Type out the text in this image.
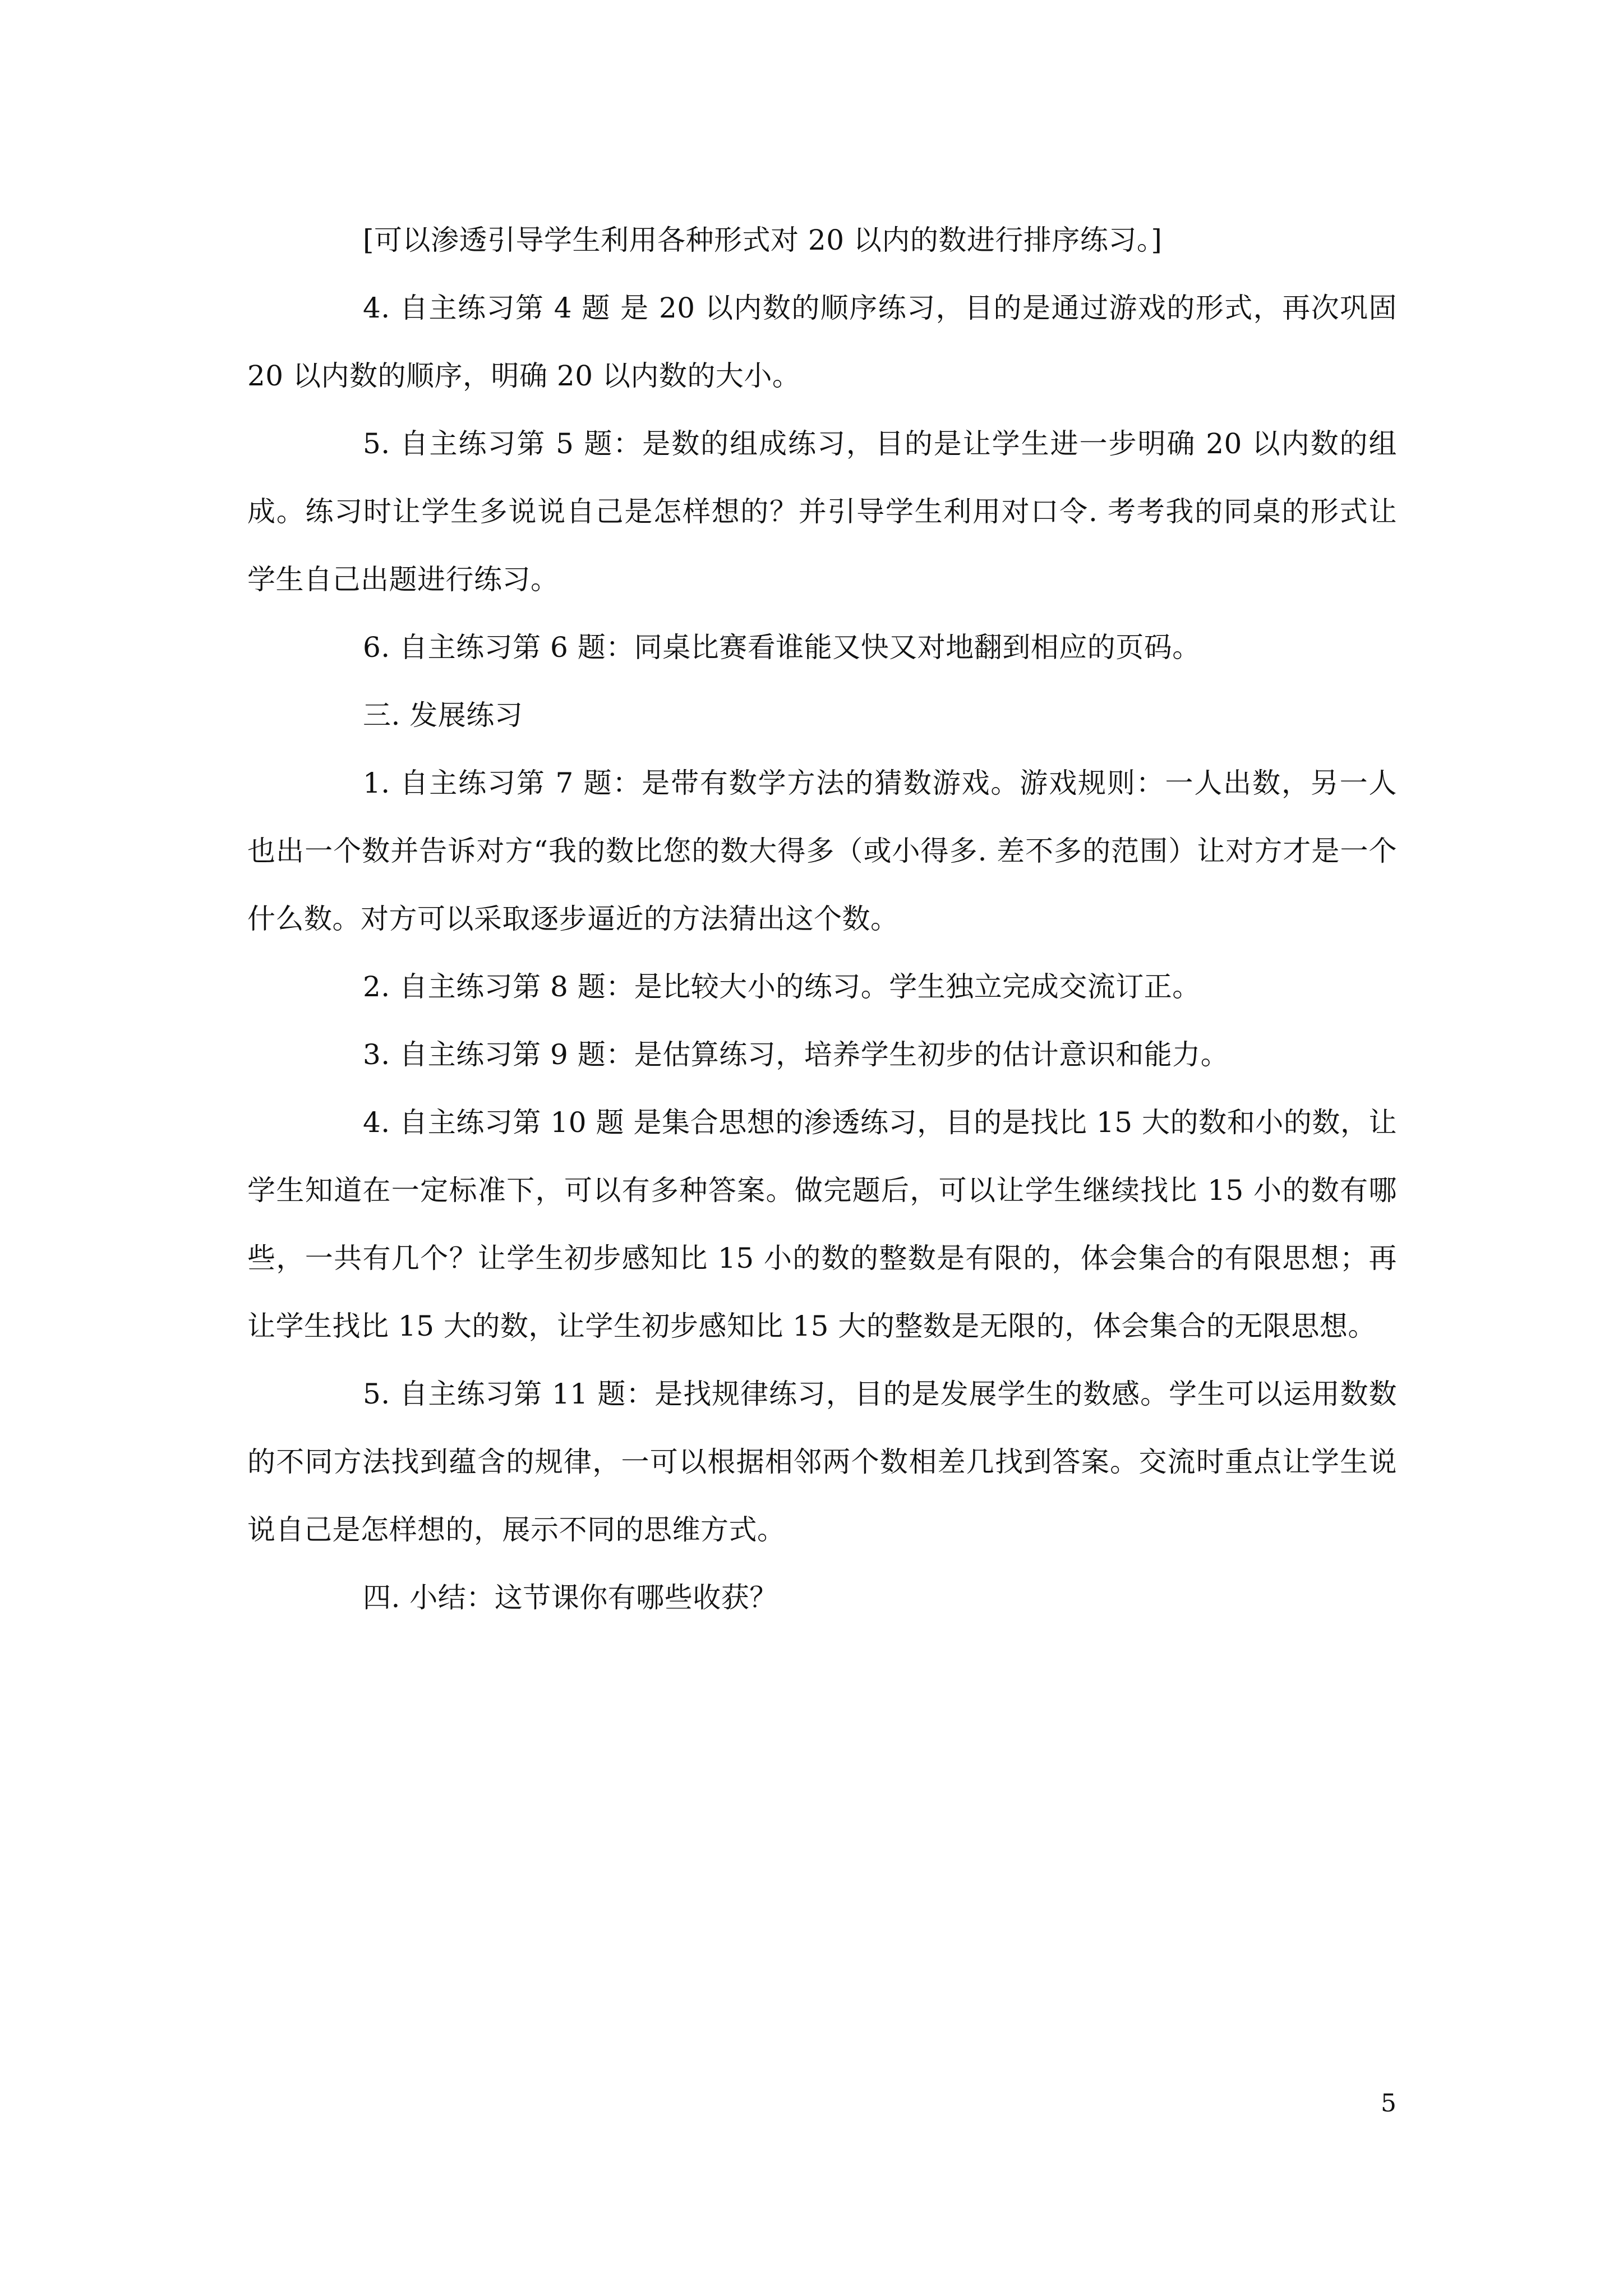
[可以渗透引导学生利用各种形式对 20 以内的数进行排序练习。]

4. 自主练习第 4 题 是 20 以内数的顺序练习，目的是通过游戏的形式，再次巩固 20 以内数的顺序，明确 20 以内数的大小。

5. 自主练习第 5 题：是数的组成练习，目的是让学生进一步明确 20 以内数的组成。练习时让学生多说说自己是怎样想的？并引导学生利用对口令. 考考我的同桌的形式让学生自己出题进行练习。

6. 自主练习第 6 题：同桌比赛看谁能又快又对地翻到相应的页码。

三. 发展练习

1. 自主练习第 7 题：是带有数学方法的猜数游戏。游戏规则：一人出数，另一人也出一个数并告诉对方“我的数比您的数大得多（或小得多. 差不多的范围）让对方才是一个什么数。对方可以采取逐步逼近的方法猜出这个数。

2. 自主练习第 8 题：是比较大小的练习。学生独立完成交流订正。

3. 自主练习第 9 题：是估算练习，培养学生初步的估计意识和能力。

4. 自主练习第 10 题 是集合思想的渗透练习，目的是找比 15 大的数和小的数，让学生知道在一定标准下，可以有多种答案。做完题后，可以让学生继续找比 15 小的数有哪些，一共有几个？让学生初步感知比 15 小的数的整数是有限的，体会集合的有限思想；再让学生找比 15 大的数，让学生初步感知比 15 大的整数是无限的，体会集合的无限思想。

5. 自主练习第 11 题：是找规律练习，目的是发展学生的数感。学生可以运用数数的不同方法找到蕴含的规律，一可以根据相邻两个数相差几找到答案。交流时重点让学生说说自己是怎样想的，展示不同的思维方式。

四. 小结：这节课你有哪些收获？

5
